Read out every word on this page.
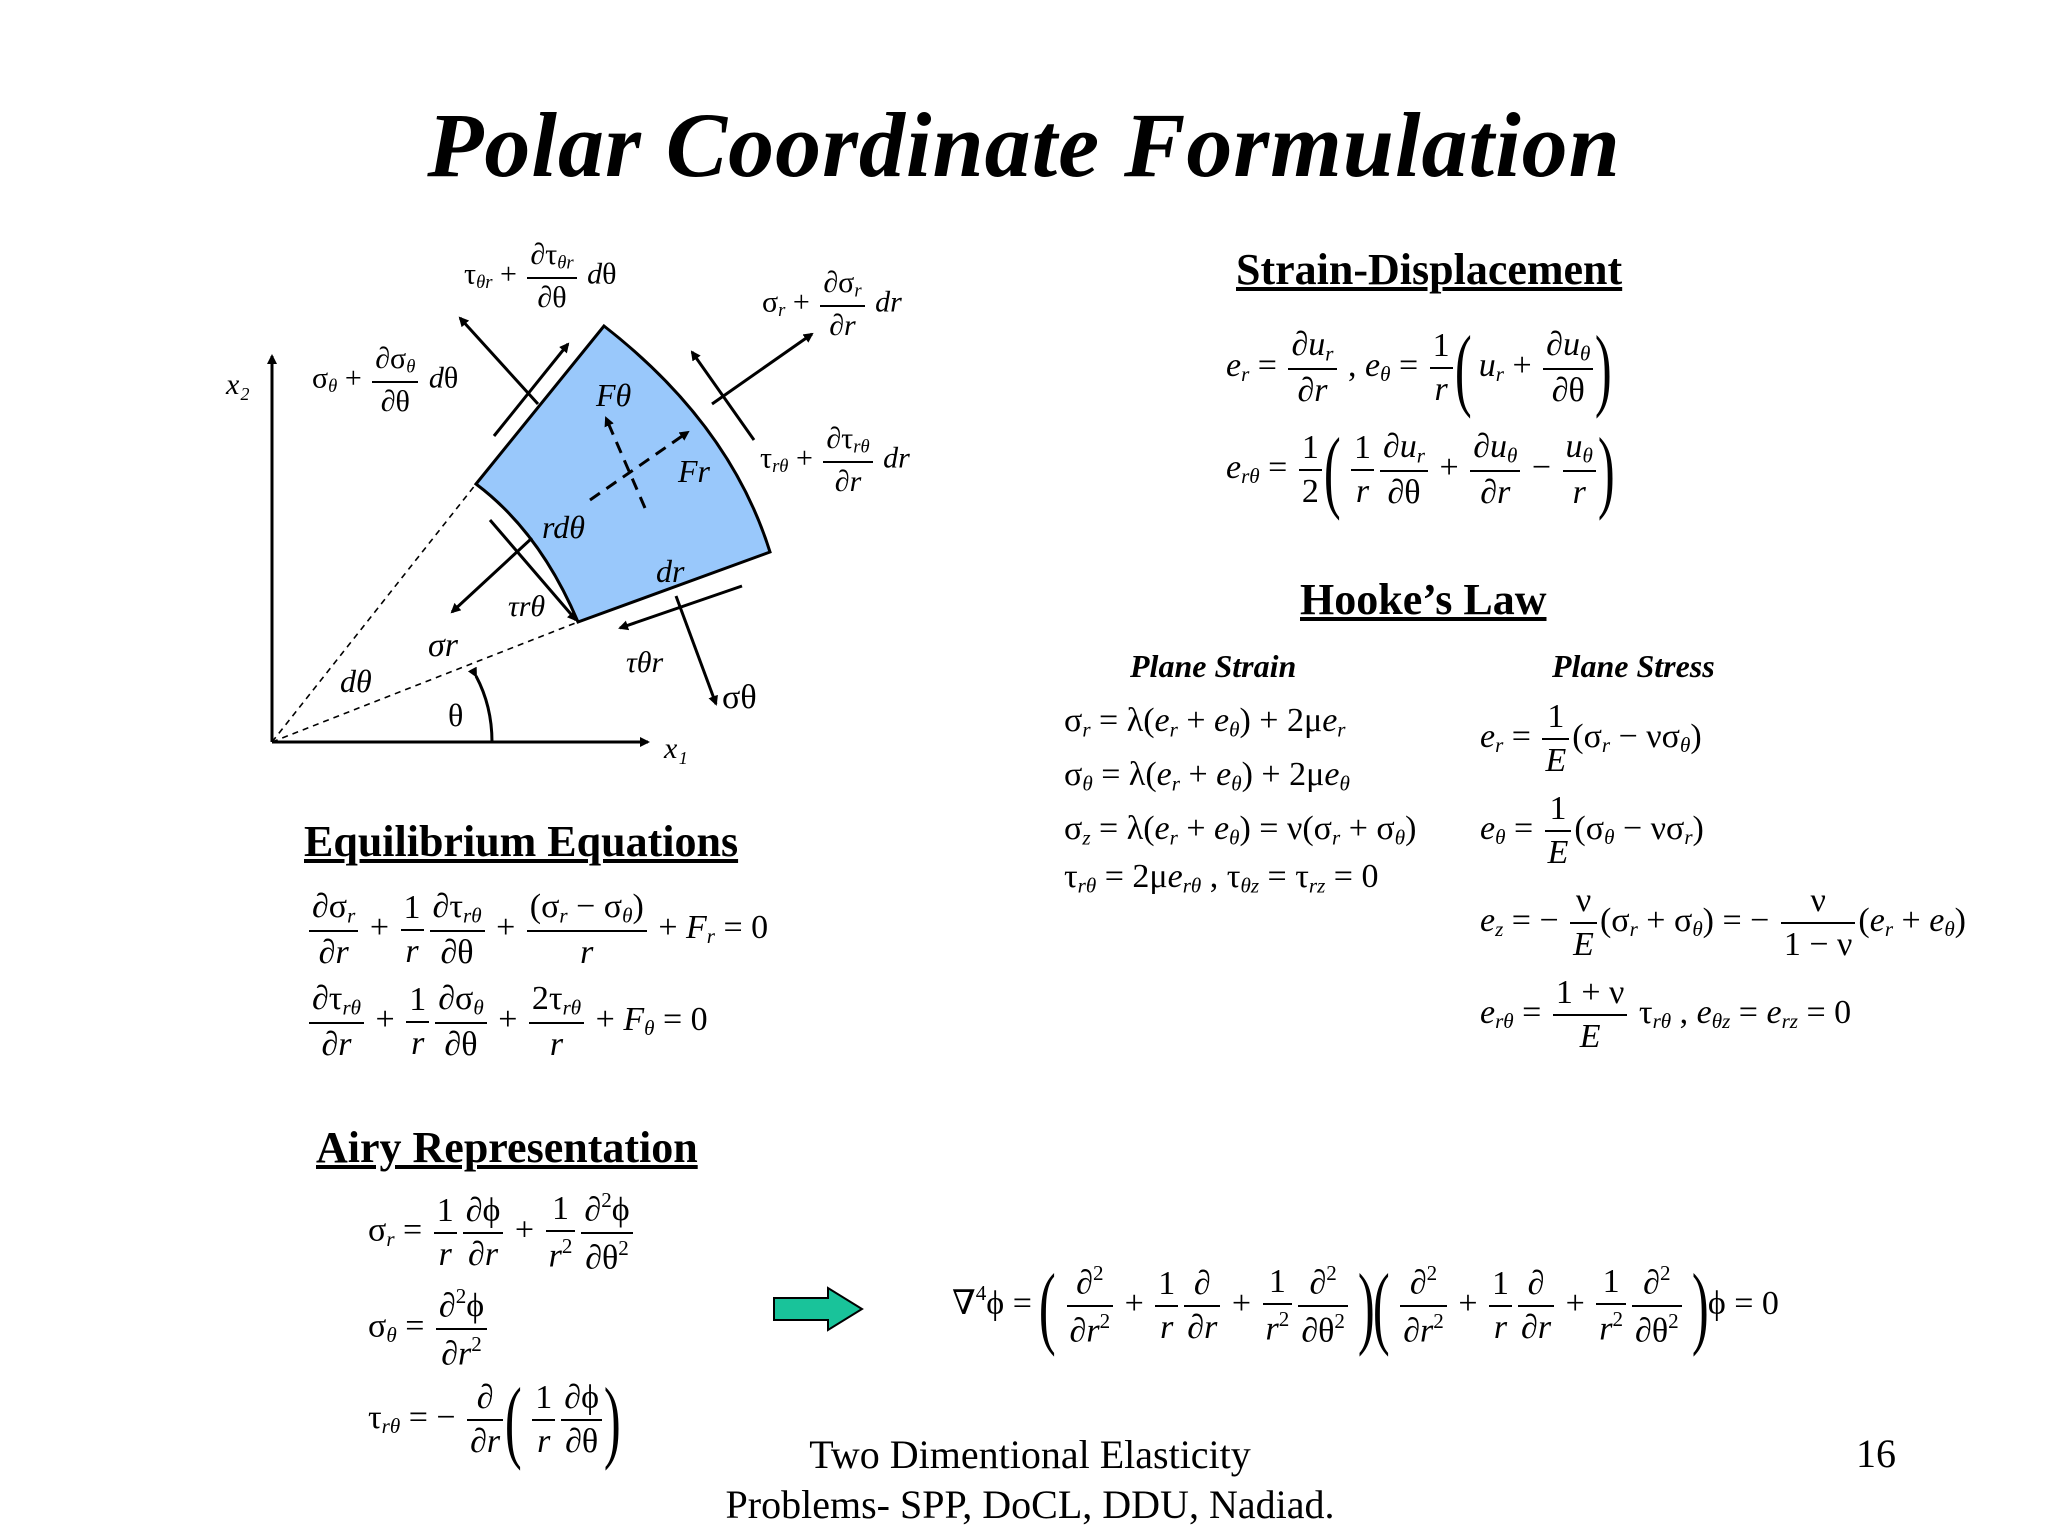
Polar Coordinate Formulation
x₁
x₂
θ
dθ
rdθ
dr
Fθ
Fr
σr
σθ
τrθ
τθr
$\tau_{\theta r} + \frac{\partial\tau_{\theta r}}{\partial\theta}$ dθ
$\sigma_r + \frac{\partial\sigma_r}{\partial r}$ dr
$\sigma_\theta + \frac{\partial\sigma_\theta}{\partial\theta}$ dθ
$\tau_{r\theta} + \frac{\partial\tau_{r\theta}}{\partial r}$ dr
Strain-Displacement
$e_r = \frac{\partial u_r}{\partial r}$ , $e_\theta = \frac{1}{r}$ ( $u_r + \frac{\partial u_\theta}{\partial\theta}$ )
$e_{r\theta} = \frac{1}{2}$ ( $\frac{1}{r} \frac{\partial u_r}{\partial\theta} + \frac{\partial u_\theta}{\partial r} - \frac{u_\theta}{r}$ )
Hooke’s Law
Plane Strain	Plane Stress
$\sigma_r = \lambda(e_r + e_\theta) + 2\mu e_r$
$\sigma_\theta = \lambda(e_r + e_\theta) + 2\mu e_\theta$
$\sigma_z = \lambda(e_r + e_\theta) = \nu(\sigma_r + \sigma_\theta)$
$\tau_{r\theta} = 2\mu e_{r\theta}$ , $\tau_{\theta z} = \tau_{rz} = 0$
$e_r = \frac{1}{E} (\sigma_r - \nu\sigma_\theta)$
$e_\theta = \frac{1}{E} (\sigma_\theta - \nu\sigma_r)$
$e_z$ = − $\frac{\nu}{E} (\sigma_r + \sigma_\theta)$ = − $\frac{\nu}{1 - \nu} (e_r + e_\theta)$
$e_{r\theta} = \frac{1 + \nu}{E} \tau_{r\theta}$ , $e_{\theta z} = e_{rz} = 0$
Equilibrium Equations
$\frac{\partial\sigma_r}{\partial r} + \frac{1}{r} \frac{\partial\tau_{r\theta}}{\partial\theta} + \frac{(\sigma_r - \sigma_\theta)}{r} + F_r = 0$
$\frac{\partial\tau_{r\theta}}{\partial r} + \frac{1}{r} \frac{\partial\sigma_\theta}{\partial\theta} + \frac{2\tau_{r\theta}}{r} + F_\theta = 0$
Airy Representation
$\sigma_r = \frac{1}{r} \frac{\partial\phi}{\partial r} + \frac{1}{r^2} \frac{\partial^2\phi}{\partial\theta^2}$
$\sigma_\theta = \frac{\partial^2\phi}{\partial r^2}$
$\tau_{r\theta}$ = − $\frac{\partial}{\partial r}$ ( $\frac{1}{r} \frac{\partial\phi}{\partial\theta}$ )
∇$^4$ϕ = ( $\frac{\partial^2}{\partial r^2} + \frac{1}{r} \frac{\partial}{\partial r} + \frac{1}{r^2} \frac{\partial^2}{\partial\theta^2}$ )( $\frac{\partial^2}{\partial r^2} + \frac{1}{r} \frac{\partial}{\partial r} + \frac{1}{r^2} \frac{\partial^2}{\partial\theta^2} )\phi = 0$
Two Dimentional Elasticity
Problems- SPP, DoCL, DDU, Nadiad.
16
